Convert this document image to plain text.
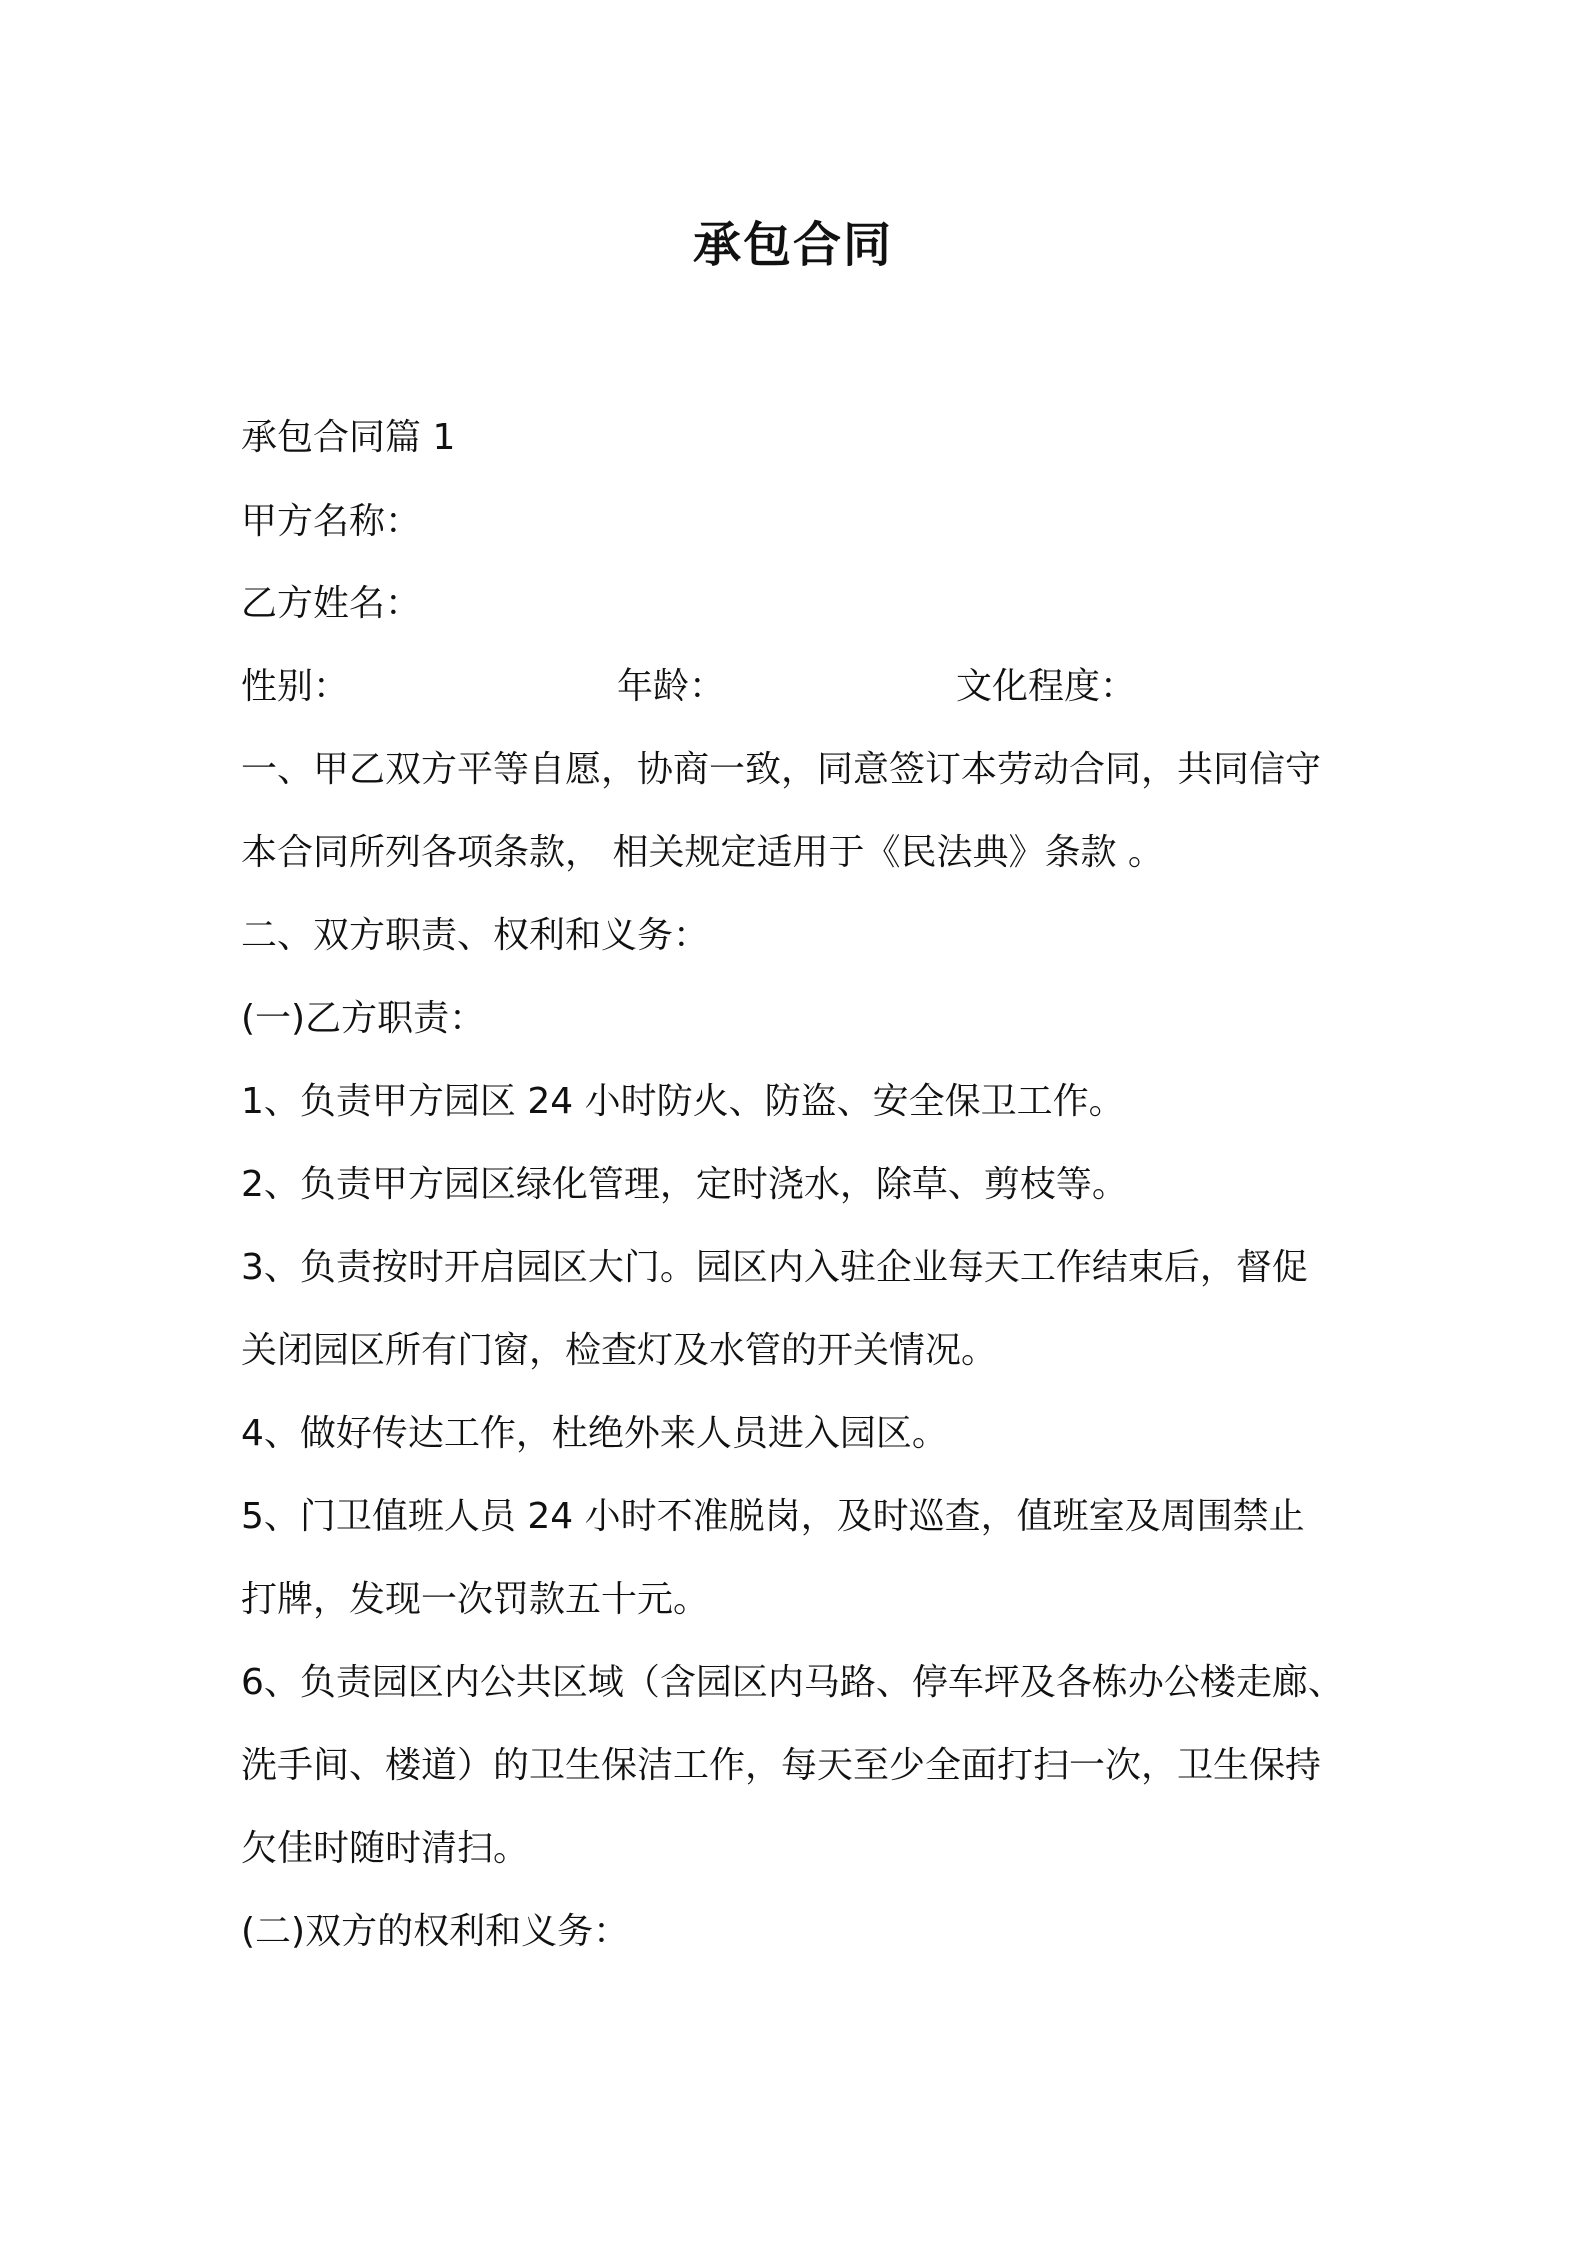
承包合同
承包合同篇 1
甲方名称：
乙方姓名：
性别：	年龄：	文化程度：
一、甲乙双方平等自愿，协商一致，同意签订本劳动合同，共同信守
本合同所列各项条款， 相关规定适用于《民法典》条款 。
二、双方职责、权利和义务：
(一)乙方职责：
1、负责甲方园区 24 小时防火、防盗、安全保卫工作。
2、负责甲方园区绿化管理，定时浇水，除草、剪枝等。
3、负责按时开启园区大门。园区内入驻企业每天工作结束后，督促
关闭园区所有门窗，检查灯及水管的开关情况。
4、做好传达工作，杜绝外来人员进入园区。
5、门卫值班人员 24 小时不准脱岗，及时巡查，值班室及周围禁止
打牌，发现一次罚款五十元。
6、负责园区内公共区域（含园区内马路、停车坪及各栋办公楼走廊、
洗手间、楼道）的卫生保洁工作，每天至少全面打扫一次，卫生保持
欠佳时随时清扫。
(二)双方的权利和义务：
